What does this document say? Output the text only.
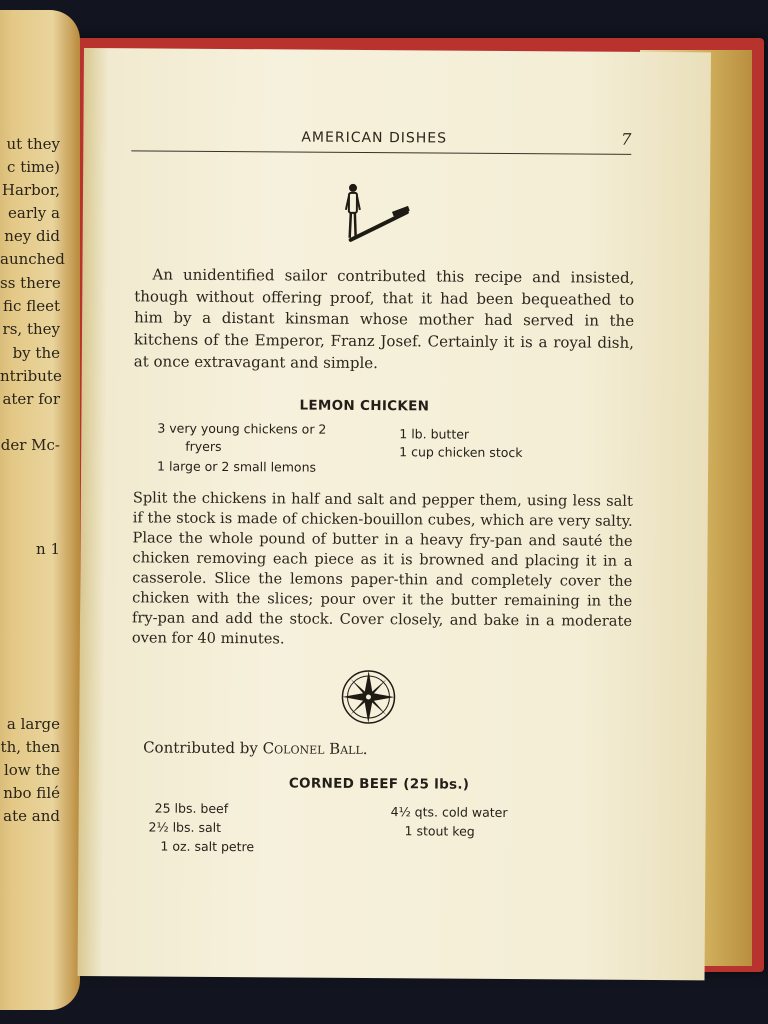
ut they
c time)
Harbor,
early a
ney did
aunched
ss there
fic fleet
rs, they
by the
ntribute
ater for
der Mc-
n 1
a large
th, then
low the
nbo filé
ate and
AMERICAN DISHES	7

An unidentified sailor contributed this recipe and insisted, though without offering proof, that it had been bequeathed to him by a distant kinsman whose mother had served in the kitchens of the Emperor, Franz Josef. Certainly it is a royal dish, at once extravagant and simple.

LEMON CHICKEN
3 very young chickens or 2
fryers
1 large or 2 small lemons
1 lb. butter
1 cup chicken stock

Split the chickens in half and salt and pepper them, using less salt if the stock is made of chicken-bouillon cubes, which are very salty. Place the whole pound of butter in a heavy fry-pan and sauté the chicken removing each piece as it is browned and placing it in a casserole. Slice the lemons paper-thin and completely cover the chicken with the slices; pour over it the butter remaining in the fry-pan and add the stock. Cover closely, and bake in a moderate oven for 40 minutes.

Contributed by Colonel Ball.
CORNED BEEF (25 lbs.)
25 lbs. beef
2½ lbs. salt
1 oz. salt petre
4½ qts. cold water
1 stout keg
